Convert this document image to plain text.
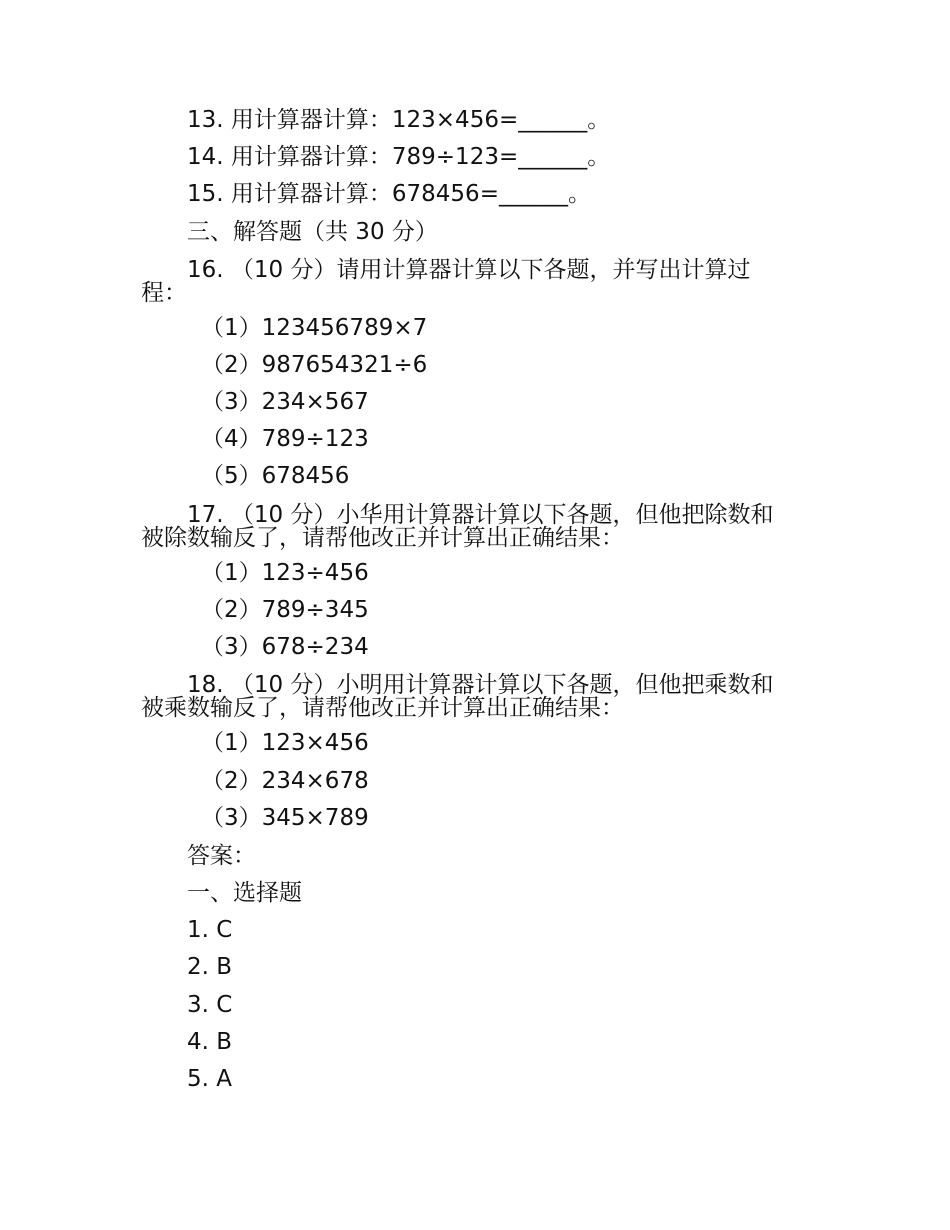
13. 用计算器计算：123×456=______。
14. 用计算器计算：789÷123=______。
15. 用计算器计算：678456=______。
三、解答题（共 30 分）
16. （10 分）请用计算器计算以下各题，并写出计算过
程：
（1）123456789×7
（2）987654321÷6
（3）234×567
（4）789÷123
（5）678456
17. （10 分）小华用计算器计算以下各题，但他把除数和
被除数输反了，请帮他改正并计算出正确结果：
（1）123÷456
（2）789÷345
（3）678÷234
18. （10 分）小明用计算器计算以下各题，但他把乘数和
被乘数输反了，请帮他改正并计算出正确结果：
（1）123×456
（2）234×678
（3）345×789
答案：
一、选择题
1. C
2. B
3. C
4. B
5. A
